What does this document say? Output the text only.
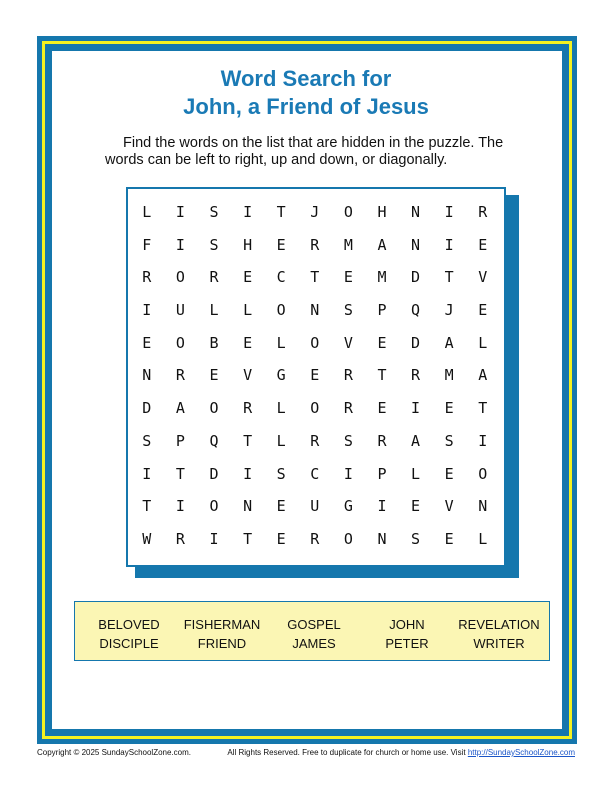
Word Search for
John, a Friend of Jesus

Find the words on the list that are hidden in the puzzle. The words can be left to right, up and down, or diagonally.

L	I	S	I	T	J	O	H	N	I	R
F	I	S	H	E	R	M	A	N	I	E
R	O	R	E	C	T	E	M	D	T	V
I	U	L	L	O	N	S	P	Q	J	E
E	O	B	E	L	O	V	E	D	A	L
N	R	E	V	G	E	R	T	R	M	A
D	A	O	R	L	O	R	E	I	E	T
S	P	Q	T	L	R	S	R	A	S	I
I	T	D	I	S	C	I	P	L	E	O
T	I	O	N	E	U	G	I	E	V	N
W	R	I	T	E	R	O	N	S	E	L
BELOVED
DISCIPLE
FISHERMAN
FRIEND
GOSPEL
JAMES
JOHN
PETER
REVELATION
WRITER
Copyright © 2025 SundaySchoolZone.com.	All Rights Reserved. Free to duplicate for church or home use. Visit http://SundaySchoolZone.com
